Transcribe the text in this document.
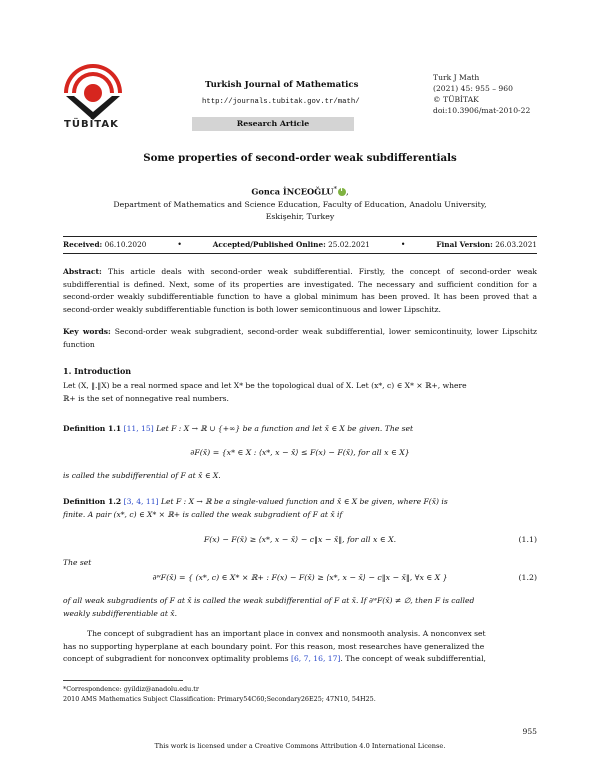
TÜBİTAK
Turkish Journal of Mathematics
http://journals.tubitak.gov.tr/math/
Research Article
Turk J Math
(2021) 45: 955 – 960
© TÜBİTAK
doi:10.3906/mat-2010-22
Some properties of second-order weak subdifferentials
Gonca İNCEOĞLU*i ,
Department of Mathematics and Science Education, Faculty of Education, Anadolu University,
Eskişehir, Turkey
Received: 06.10.2020	•	Accepted/Published Online: 25.02.2021	•	Final Version: 26.03.2021
Abstract: This article deals with second-order weak subdifferential. Firstly, the concept of second-order weak subdifferential is defined. Next, some of its properties are investigated. The necessary and sufficient condition for a second-order weakly subdifferentiable function to have a global minimum has been proved. It has been proved that a second-order weakly subdifferentiable function is both lower semicontinuous and lower Lipschitz.
Key words: Second-order weak subgradient, second-order weak subdifferential, lower semicontinuity, lower Lipschitz function
1. Introduction
Let (X, ‖.‖X) be a real normed space and let X* be the topological dual of X. Let (x*, c) ∈ X* × ℝ+, where
ℝ+ is the set of nonnegative real numbers.
Definition 1.1 [11, 15] Let F : X → ℝ ∪ {+∞} be a function and let x̄ ∈ X be given. The set
∂F(x̄) = {x* ∈ X : ⟨x*, x − x̄⟩ ≤ F(x) − F(x̄), for all x ∈ X}
is called the subdifferential of F at x̄ ∈ X.
Definition 1.2 [3, 4, 11] Let F : X → ℝ be a single-valued function and x̄ ∈ X be given, where F(x̄) is
finite. A pair (x*, c) ∈ X* × ℝ+ is called the weak subgradient of F at x̄ if
F(x) − F(x̄) ≥ ⟨x*, x − x̄⟩ − c‖x − x̄‖, for all x ∈ X.	(1.1)
The set
∂ʷF(x̄) = { (x*, c) ∈ X* × ℝ+ : F(x) − F(x̄) ≥ ⟨x*, x − x̄⟩ − c‖x − x̄‖, ∀x ∈ X }	(1.2)
of all weak subgradients of F at x̄ is called the weak subdifferential of F at x̄. If ∂ʷF(x̄) ≠ ∅, then F is called
weakly subdifferentiable at x̄.
The concept of subgradient has an important place in convex and nonsmooth analysis. A nonconvex set
has no supporting hyperplane at each boundary point. For this reason, most researches have generalized the
concept of subgradient for nonconvex optimality problems [6, 7, 16, 17]. The concept of weak subdifferential,
*Correspondence: gyildiz@anadolu.edu.tr
2010 AMS Mathematics Subject Classification: Primary54C60;Secondary26E25; 47N10, 54H25.
955
This work is licensed under a Creative Commons Attribution 4.0 International License.
